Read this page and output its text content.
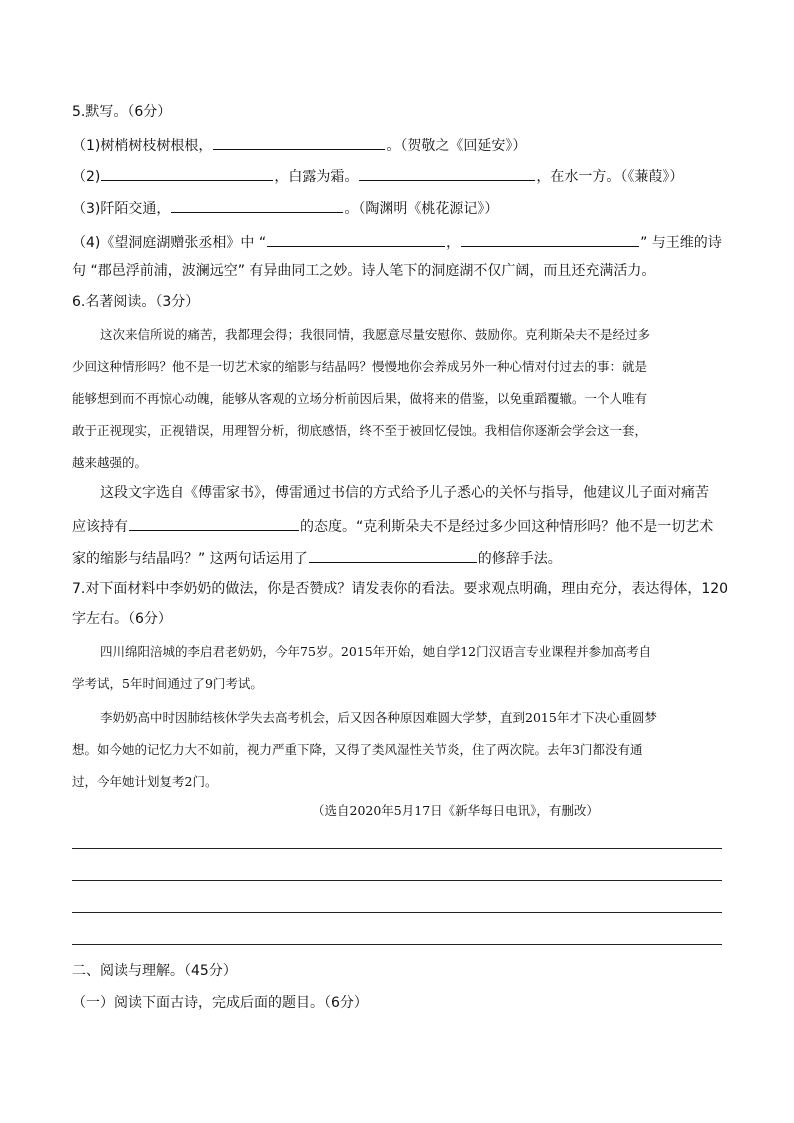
5.默写。（6分）
（1)树梢树枝树根根，	。（贺敬之《回延安》）
（2)	，白露为霜。	，在水一方。（《蒹葭》）
（3)阡陌交通，	。（陶渊明《桃花源记》）
（4)《望洞庭湖赠张丞相》中 “	，	” 与王维的诗
句 “郡邑浮前浦，波澜远空” 有异曲同工之妙。诗人笔下的洞庭湖不仅广阔，而且还充满活力。
6.名著阅读。（3分）
这次来信所说的痛苦，我都理会得；我很同情，我愿意尽量安慰你、鼓励你。克利斯朵夫不是经过多
少回这种情形吗？他不是一切艺术家的缩影与结晶吗？慢慢地你会养成另外一种心情对付过去的事：就是
能够想到而不再惊心动魄，能够从客观的立场分析前因后果，做将来的借鉴，以免重蹈覆辙。一个人唯有
敢于正视现实，正视错误，用理智分析，彻底感悟，终不至于被回忆侵蚀。我相信你逐渐会学会这一套，
越来越强的。
这段文字选自《傅雷家书》，傅雷通过书信的方式给予儿子悉心的关怀与指导，他建议儿子面对痛苦
应该持有	的态度。“克利斯朵夫不是经过多少回这种情形吗？他不是一切艺术
家的缩影与结晶吗？” 这两句话运用了	的修辞手法。
7.对下面材料中李奶奶的做法，你是否赞成？请发表你的看法。要求观点明确，理由充分，表达得体，120
字左右。（6分）
四川绵阳涪城的李启君老奶奶，今年75岁。2015年开始，她自学12门汉语言专业课程并参加高考自
学考试，5年时间通过了9门考试。
李奶奶高中时因肺结核休学失去高考机会，后又因各种原因难圆大学梦，直到2015年才下决心重圆梦
想。如今她的记忆力大不如前，视力严重下降，又得了类风湿性关节炎，住了两次院。去年3门都没有通
过，今年她计划复考2门。
（选自2020年5月17日《新华每日电讯》，有删改）
二、阅读与理解。（45分）
（一）阅读下面古诗，完成后面的题目。（6分）
